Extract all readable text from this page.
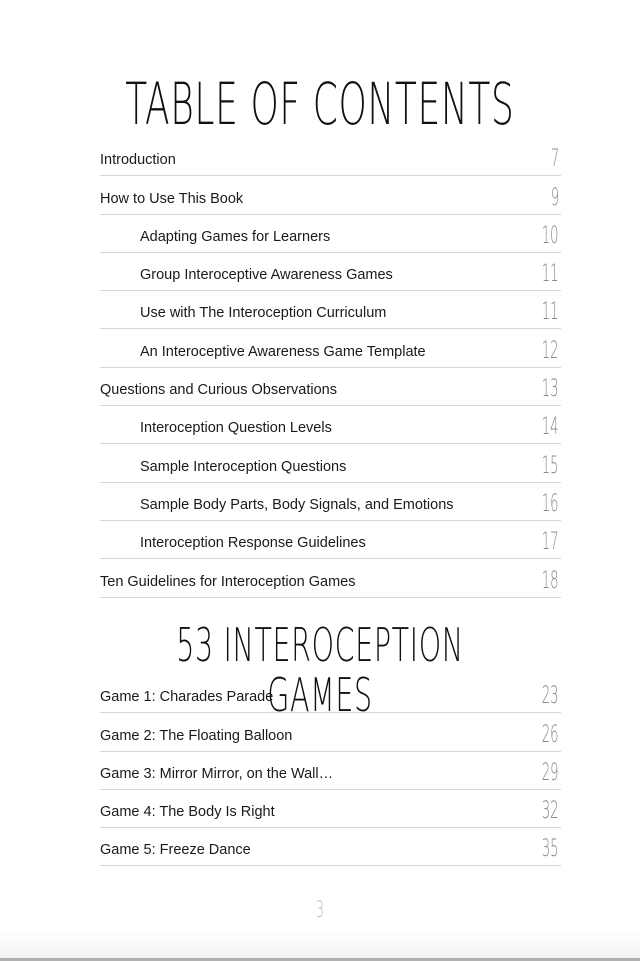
TABLE OF CONTENTS
Introduction	7
How to Use This Book	9
Adapting Games for Learners	10
Group Interoceptive Awareness Games	11
Use with The Interoception Curriculum	11
An Interoceptive Awareness Game Template	12
Questions and Curious Observations	13
Interoception Question Levels	14
Sample Interoception Questions	15
Sample Body Parts, Body Signals, and Emotions	16
Interoception Response Guidelines	17
Ten Guidelines for Interoception Games	18
53 INTEROCEPTION GAMES
Game 1: Charades Parade	23
Game 2: The Floating Balloon	26
Game 3: Mirror Mirror, on the Wall…	29
Game 4: The Body Is Right	32
Game 5: Freeze Dance	35
3
